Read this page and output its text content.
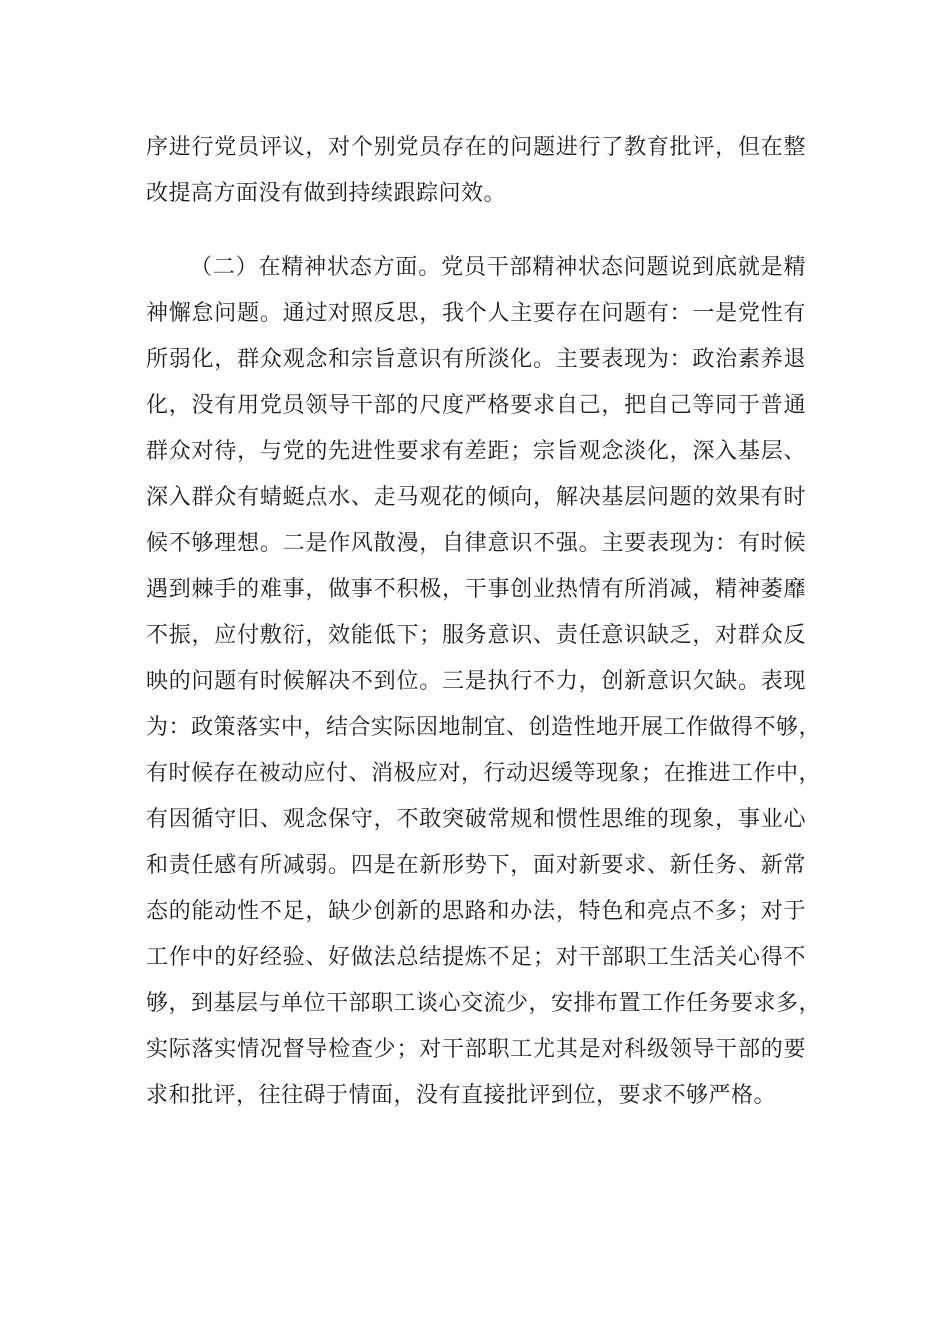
序进行党员评议，对个别党员存在的问题进行了教育批评，但在整
改提高方面没有做到持续跟踪问效。
（二）在精神状态方面。党员干部精神状态问题说到底就是精
神懈怠问题。通过对照反思，我个人主要存在问题有：一是党性有
所弱化，群众观念和宗旨意识有所淡化。主要表现为：政治素养退
化，没有用党员领导干部的尺度严格要求自己，把自己等同于普通
群众对待，与党的先进性要求有差距；宗旨观念淡化，深入基层、
深入群众有蜻蜓点水、走马观花的倾向，解决基层问题的效果有时
候不够理想。二是作风散漫，自律意识不强。主要表现为：有时候
遇到棘手的难事，做事不积极，干事创业热情有所消减，精神萎靡
不振，应付敷衍，效能低下；服务意识、责任意识缺乏，对群众反
映的问题有时候解决不到位。三是执行不力，创新意识欠缺。表现
为：政策落实中，结合实际因地制宜、创造性地开展工作做得不够，
有时候存在被动应付、消极应对，行动迟缓等现象；在推进工作中，
有因循守旧、观念保守，不敢突破常规和惯性思维的现象，事业心
和责任感有所减弱。四是在新形势下，面对新要求、新任务、新常
态的能动性不足，缺少创新的思路和办法，特色和亮点不多；对于
工作中的好经验、好做法总结提炼不足；对干部职工生活关心得不
够，到基层与单位干部职工谈心交流少，安排布置工作任务要求多，
实际落实情况督导检查少；对干部职工尤其是对科级领导干部的要
求和批评，往往碍于情面，没有直接批评到位，要求不够严格。
